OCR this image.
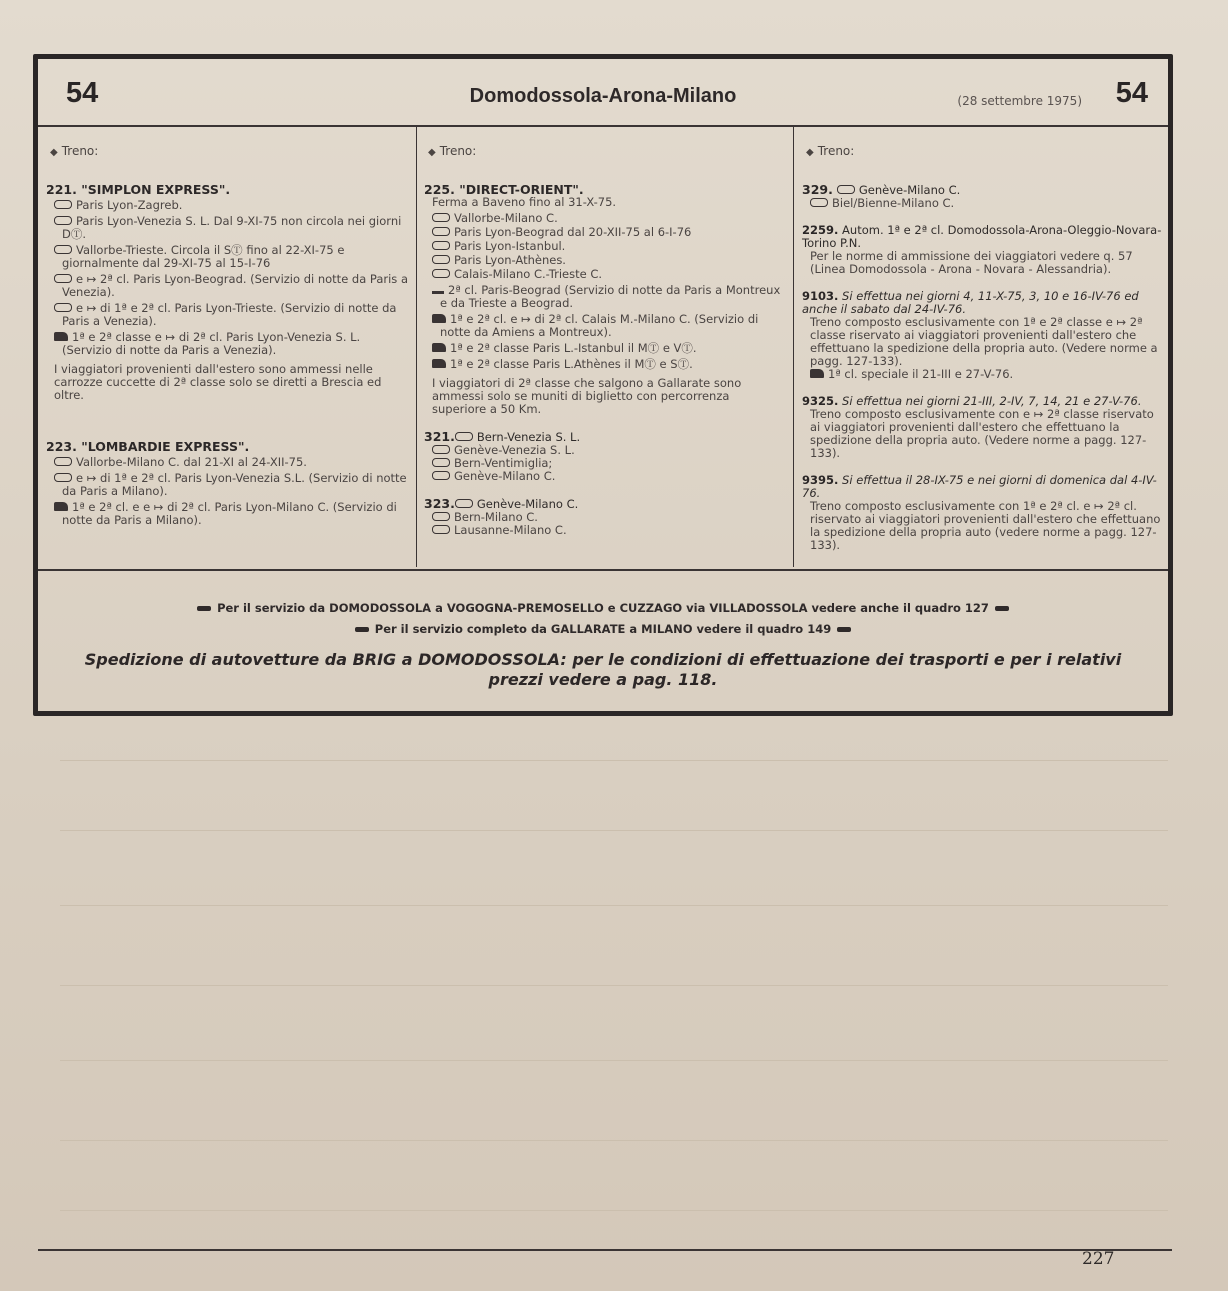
54	Domodossola-Arona-Milano	(28 settembre 1975) 54
◆ Treno:
221. "SIMPLON EXPRESS".
Paris Lyon-Zagreb.
Paris Lyon-Venezia S. L. Dal 9-XI-75 non circola nei giorni DⓉ.
Vallorbe-Trieste. Circola il SⓉ fino al 22-XI-75 e giornalmente dal 29-XI-75 al 15-I-76
e ↦ 2ª cl. Paris Lyon-Beograd. (Servizio di notte da Paris a Venezia).
e ↦ di 1ª e 2ª cl. Paris Lyon-Trieste. (Servizio di notte da Paris a Venezia).
1ª e 2ª classe e ↦ di 2ª cl. Paris Lyon-Venezia S. L. (Servizio di notte da Paris a Venezia).
I viaggiatori provenienti dall'estero sono ammessi nelle carrozze cuccette di 2ª classe solo se diretti a Brescia ed oltre.
223. "LOMBARDIE EXPRESS".
Vallorbe-Milano C. dal 21-XI al 24-XII-75.
e ↦ di 1ª e 2ª cl. Paris Lyon-Venezia S.L. (Servizio di notte da Paris a Milano).
1ª e 2ª cl. e e ↦ di 2ª cl. Paris Lyon-Milano C. (Servizio di notte da Paris a Milano).
◆ Treno:
225. "DIRECT-ORIENT".
Ferma a Baveno fino al 31-X-75.
Vallorbe-Milano C.
Paris Lyon-Beograd dal 20-XII-75 al 6-I-76
Paris Lyon-Istanbul.
Paris Lyon-Athènes.
Calais-Milano C.-Trieste C.
2ª cl. Paris-Beograd (Servizio di notte da Paris a Montreux e da Trieste a Beograd.
1ª e 2ª cl. e ↦ di 2ª cl. Calais M.-Milano C. (Servizio di notte da Amiens a Montreux).
1ª e 2ª classe Paris L.-Istanbul il MⓉ e VⓉ.
1ª e 2ª classe Paris L.Athènes il MⓉ e SⓉ.
I viaggiatori di 2ª classe che salgono a Gallarate sono ammessi solo se muniti di biglietto con percorrenza superiore a 50 Km.
321. Bern-Venezia S. L.
Genève-Venezia S. L.
Bern-Ventimiglia;
Genève-Milano C.
323. Genève-Milano C.
Bern-Milano C.
Lausanne-Milano C.
◆ Treno:
329. Genève-Milano C.
Biel/Bienne-Milano C.
2259. Autom. 1ª e 2ª cl. Domodossola-Arona-Oleggio-Novara-Torino P.N.
Per le norme di ammissione dei viaggiatori vedere q. 57 (Linea Domodossola - Arona - Novara - Alessandria).
9103. Si effettua nei giorni 4, 11-X-75, 3, 10 e 16-IV-76 ed anche il sabato dal 24-IV-76.
Treno composto esclusivamente con 1ª e 2ª classe e ↦ 2ª classe riservato ai viaggiatori provenienti dall'estero che effettuano la spedizione della propria auto. (Vedere norme a pagg. 127-133).
1ª cl. speciale il 21-III e 27-V-76.
9325. Si effettua nei giorni 21-III, 2-IV, 7, 14, 21 e 27-V-76.
Treno composto esclusivamente con e ↦ 2ª classe riservato ai viaggiatori provenienti dall'estero che effettuano la spedizione della propria auto. (Vedere norme a pagg. 127-133).
9395. Si effettua il 28-IX-75 e nei giorni di domenica dal 4-IV-76.
Treno composto esclusivamente con 1ª e 2ª cl. e ↦ 2ª cl. riservato ai viaggiatori provenienti dall'estero che effettuano la spedizione della propria auto (vedere norme a pagg. 127-133).
Per il servizio da DOMODOSSOLA a VOGOGNA-PREMOSELLO e CUZZAGO via VILLADOSSOLA vedere anche il quadro 127
Per il servizio completo da GALLARATE a MILANO vedere il quadro 149
Spedizione di autovetture da BRIG a DOMODOSSOLA: per le condizioni di effettuazione dei trasporti e per i relativi prezzi vedere a pag. 118.
227
